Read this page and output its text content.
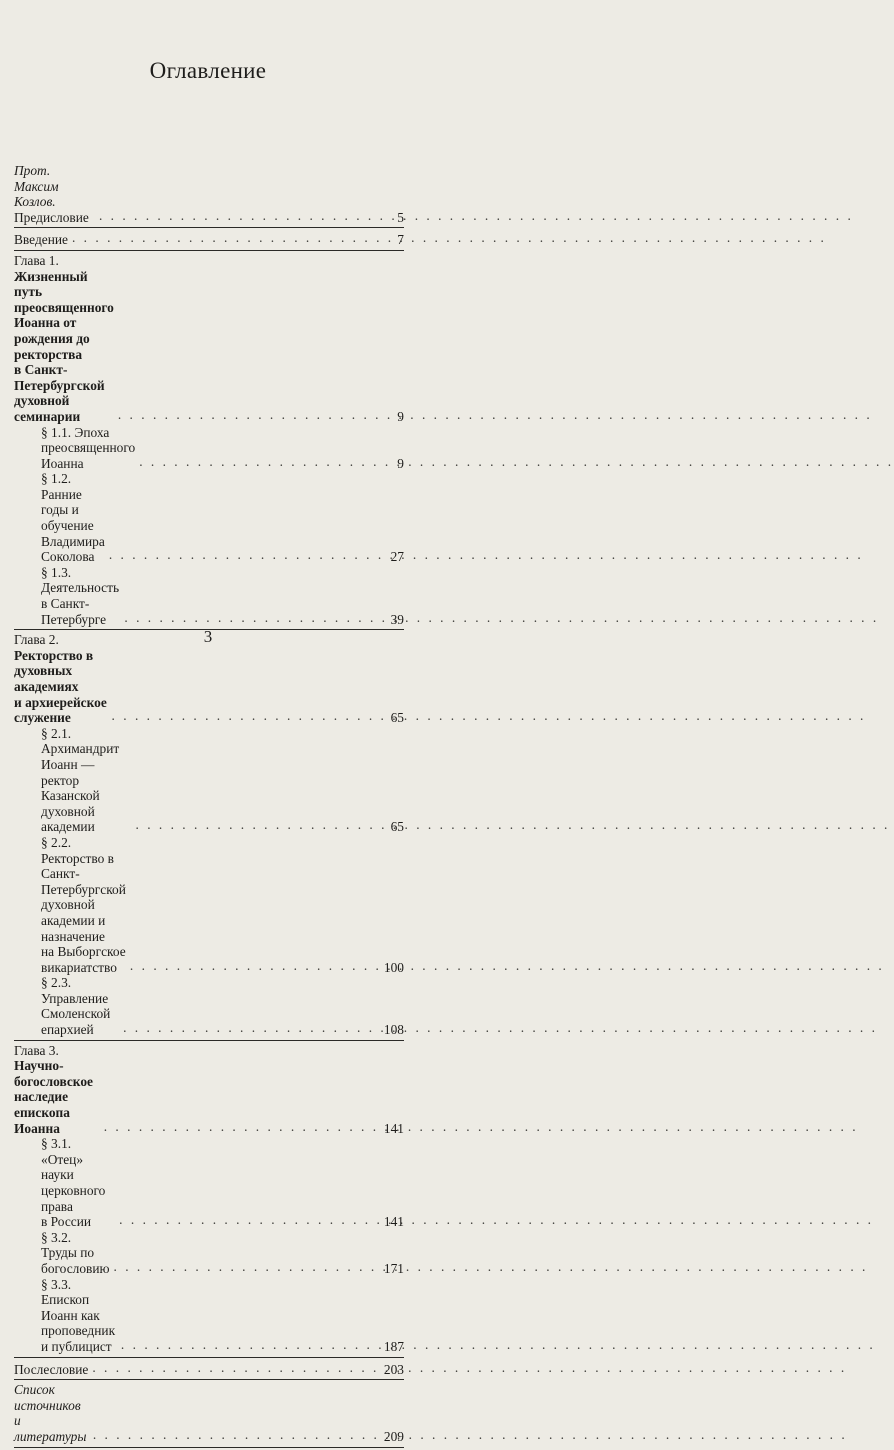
Оглавление
Прот. Максим Козлов. Предисловие . . .	5
Введение . . .	7
Глава 1. Жизненный путь преосвященного
Иоанна от рождения до ректорства
в Санкт-Петербургской духовной семинарии . . .	9
§ 1.1. Эпоха преосвященного Иоанна . . .	9
§ 1.2. Ранние годы и обучение
Владимира Соколова . . .	27
§ 1.3. Деятельность в Санкт-Петербурге . . .	39
Глава 2. Ректорство в духовных академиях
и архиерейское служение . . .	65
§ 2.1. Архимандрит Иоанн — ректор Казанской
духовной академии . . .	65
§ 2.2. Ректорство в Санкт-Петербургской
духовной академии и назначение
на Выборгское викариатство . . .	100
§ 2.3. Управление Смоленской епархией . . .	108
Глава 3. Научно-богословское наследие
епископа Иоанна . . .	141
§ 3.1. «Отец» науки церковного права
в России . . .	141
§ 3.2. Труды по богословию . . .	171
§ 3.3. Епископ Иоанн как проповедник
и публицист . . .	187
Послесловие . . .	203
Список источников и литературы . . .	209
3
